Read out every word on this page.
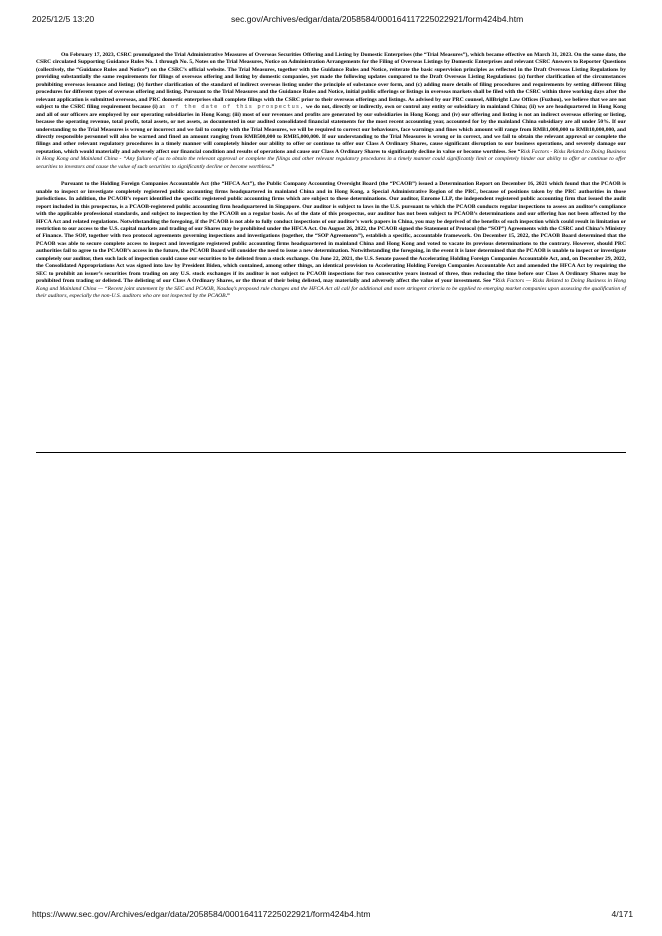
2025/12/5 13:20	sec.gov/Archives/edgar/data/2058584/000164117225022921/form424b4.htm

On February 17, 2023, CSRC promulgated the Trial Administrative Measures of Overseas Securities Offering and Listing by Domestic Enterprises (the “Trial Measures”), which became effective on March 31, 2023. On the same date, the CSRC circulated Supporting Guidance Rules No. 1 through No. 5, Notes on the Trial Measures, Notice on Administration Arrangements for the Filing of Overseas Listings by Domestic Enterprises and relevant CSRC Answers to Reporter Questions (collectively, the “Guidance Rules and Notice”) on the CSRC’s official website. The Trial Measures, together with the Guidance Rules and Notice, reiterate the basic supervision principles as reflected in the Draft Overseas Listing Regulations by providing substantially the same requirements for filings of overseas offering and listing by domestic companies, yet made the following updates compared to the Draft Overseas Listing Regulations: (a) further clarification of the circumstances prohibiting overseas issuance and listing; (b) further clarification of the standard of indirect overseas listing under the principle of substance over form, and (c) adding more details of filing procedures and requirements by setting different filing procedures for different types of overseas offering and listing. Pursuant to the Trial Measures and the Guidance Rules and Notice, initial public offerings or listings in overseas markets shall be filed with the CSRC within three working days after the relevant application is submitted overseas, and PRC domestic enterprises shall complete filings with the CSRC prior to their overseas offerings and listings. As advised by our PRC counsel, AllBright Law Offices (Fuzhou), we believe that we are not subject to the CSRC filing requirement because (i) as of the date of this prospectus, we do not, directly or indirectly, own or control any entity or subsidiary in mainland China; (ii) we are headquartered in Hong Kong and all of our officers are employed by our operating subsidiaries in Hong Kong; (iii) most of our revenues and profits are generated by our subsidiaries in Hong Kong; and (iv) our offering and listing is not an indirect overseas offering or listing, because the operating revenue, total profit, total assets, or net assets, as documented in our audited consolidated financial statements for the most recent accounting year, accounted for by the mainland China subsidiary are all under 50%. If our understanding to the Trial Measures is wrong or incorrect and we fail to comply with the Trial Measures, we will be required to correct our behaviours, face warnings and fines which amount will range from RMB1,000,000 to RMB10,000,000, and directly responsible personnel will also be warned and fined an amount ranging from RMB500,000 to RMB5,000,000. If our understanding to the Trial Measures is wrong or in correct, and we fail to obtain the relevant approval or complete the filings and other relevant regulatory procedures in a timely manner will completely hinder our ability to offer or continue to offer our Class A Ordinary Shares, cause significant disruption to our business operations, and severely damage our reputation, which would materially and adversely affect our financial condition and results of operations and cause our Class A Ordinary Shares to significantly decline in value or become worthless. See “Risk Factors - Risks Related to Doing Business in Hong Kong and Mainland China - “Any failure of us to obtain the relevant approval or complete the filings and other relevant regulatory procedures in a timely manner could significantly limit or completely hinder our ability to offer or continue to offer securities to investors and cause the value of such securities to significantly decline or become worthless.”

Pursuant to the Holding Foreign Companies Accountable Act (the “HFCA Act”), the Public Company Accounting Oversight Board (the “PCAOB”) issued a Determination Report on December 16, 2021 which found that the PCAOB is unable to inspect or investigate completely registered public accounting firms headquartered in mainland China and in Hong Kong, a Special Administrative Region of the PRC, because of positions taken by the PRC authorities in those jurisdictions. In addition, the PCAOB’s report identified the specific registered public accounting firms which are subject to these determinations. Our auditor, Enrome LLP, the independent registered public accounting firm that issued the audit report included in this prospectus, is a PCAOB-registered public accounting firm headquartered in Singapore. Our auditor is subject to laws in the U.S. pursuant to which the PCAOB conducts regular inspections to assess an auditor’s compliance with the applicable professional standards, and subject to inspection by the PCAOB on a regular basis. As of the date of this prospectus, our auditor has not been subject to PCAOB’s determinations and our offering has not been affected by the HFCA Act and related regulations. Notwithstanding the foregoing, if the PCAOB is not able to fully conduct inspections of our auditor’s work papers in China, you may be deprived of the benefits of such inspection which could result in limitation or restriction to our access to the U.S. capital markets and trading of our Shares may be prohibited under the HFCA Act. On August 26, 2022, the PCAOB signed the Statement of Protocol (the “SOP”) Agreements with the CSRC and China’s Ministry of Finance. The SOP, together with two protocol agreements governing inspections and investigations (together, the “SOP Agreements”), establish a specific, accountable framework. On December 15, 2022, the PCAOB Board determined that the PCAOB was able to secure complete access to inspect and investigate registered public accounting firms headquartered in mainland China and Hong Kong and voted to vacate its previous determinations to the contrary. However, should PRC authorities fail to agree to the PCAOB’s access in the future, the PCAOB Board will consider the need to issue a new determination. Notwithstanding the foregoing, in the event it is later determined that the PCAOB is unable to inspect or investigate completely our auditor, then such lack of inspection could cause our securities to be delisted from a stock exchange. On June 22, 2021, the U.S. Senate passed the Accelerating Holding Foreign Companies Accountable Act, and, on December 29, 2022, the Consolidated Appropriations Act was signed into law by President Biden, which contained, among other things, an identical provision to Accelerating Holding Foreign Companies Accountable Act and amended the HFCA Act by requiring the SEC to prohibit an issuer’s securities from trading on any U.S. stock exchanges if its auditor is not subject to PCAOB inspections for two consecutive years instead of three, thus reducing the time before our Class A Ordinary Shares may be prohibited from trading or delisted. The delisting of our Class A Ordinary Shares, or the threat of their being delisted, may materially and adversely affect the value of your investment. See “Risk Factors — Risks Related to Doing Business in Hong Kong and Mainland China — “Recent joint statement by the SEC and PCAOB, Nasdaq’s proposed rule changes and the HFCA Act all call for additional and more stringent criteria to be applied to emerging market companies upon assessing the qualification of their auditors, especially the non-U.S. auditors who are not inspected by the PCAOB.”

https://www.sec.gov/Archives/edgar/data/2058584/000164117225022921/form424b4.htm	4/171
